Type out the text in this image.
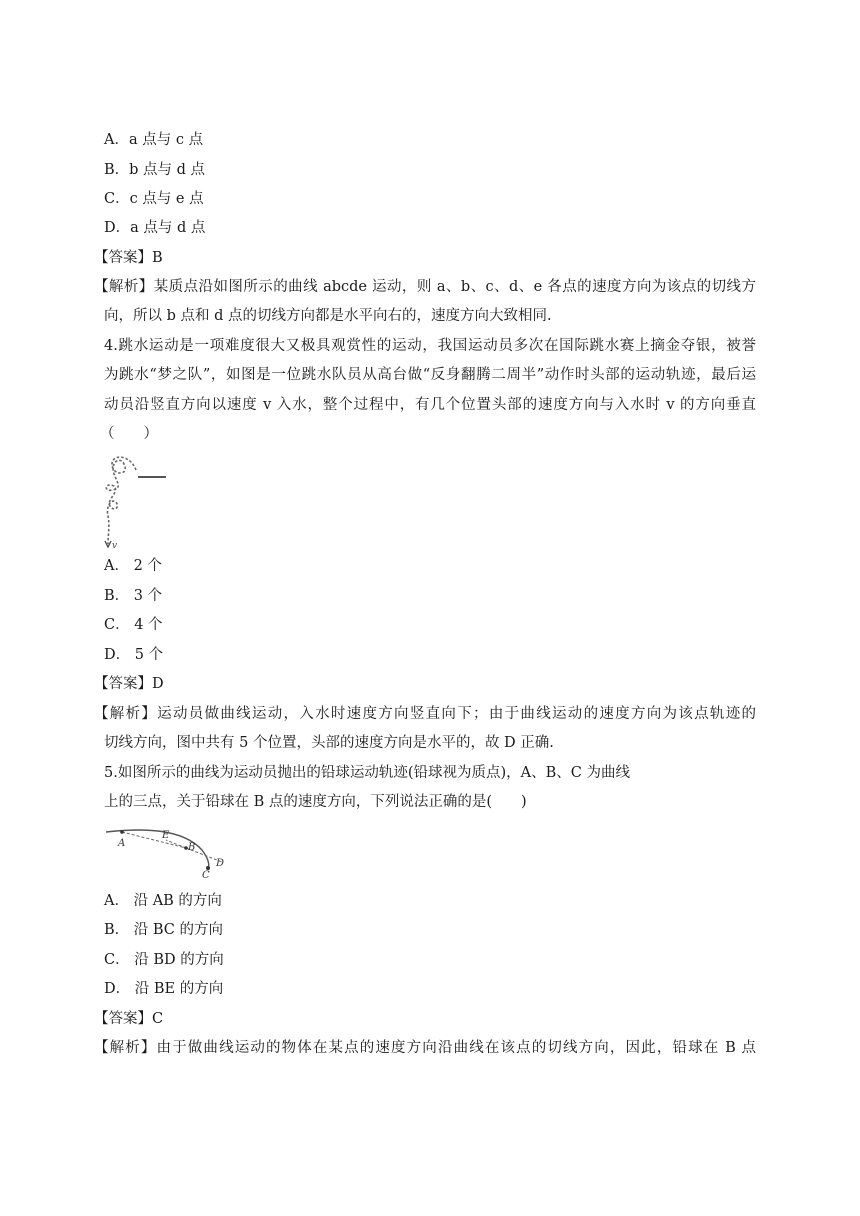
A．a 点与 c 点
B．b 点与 d 点
C．c 点与 e 点
D．a 点与 d 点
【答案】B
【解析】某质点沿如图所示的曲线 abcde 运动，则 a、b、c、d、e 各点的速度方向为该点的切线方
向，所以 b 点和 d 点的切线方向都是水平向右的，速度方向大致相同.
4.跳水运动是一项难度很大又极具观赏性的运动，我国运动员多次在国际跳水赛上摘金夺银，被誉
为跳水“梦之队”，如图是一位跳水队员从高台做“反身翻腾二周半”动作时头部的运动轨迹，最后运
动员沿竖直方向以速度 v 入水，整个过程中，有几个位置头部的速度方向与入水时 v 的方向垂直
（　　）
v
A． 2 个
B． 3 个
C． 4 个
D． 5 个
【答案】D
【解析】运动员做曲线运动，入水时速度方向竖直向下；由于曲线运动的速度方向为该点轨迹的
切线方向，图中共有 5 个位置，头部的速度方向是水平的，故 D 正确.
5.如图所示的曲线为运动员抛出的铅球运动轨迹(铅球视为质点)，A、B、C 为曲线
上的三点，关于铅球在 B 点的速度方向，下列说法正确的是(　　)
A
E
B
D
C
A． 沿 AB 的方向
B． 沿 BC 的方向
C． 沿 BD 的方向
D． 沿 BE 的方向
【答案】C
【解析】由于做曲线运动的物体在某点的速度方向沿曲线在该点的切线方向，因此，铅球在 B 点
